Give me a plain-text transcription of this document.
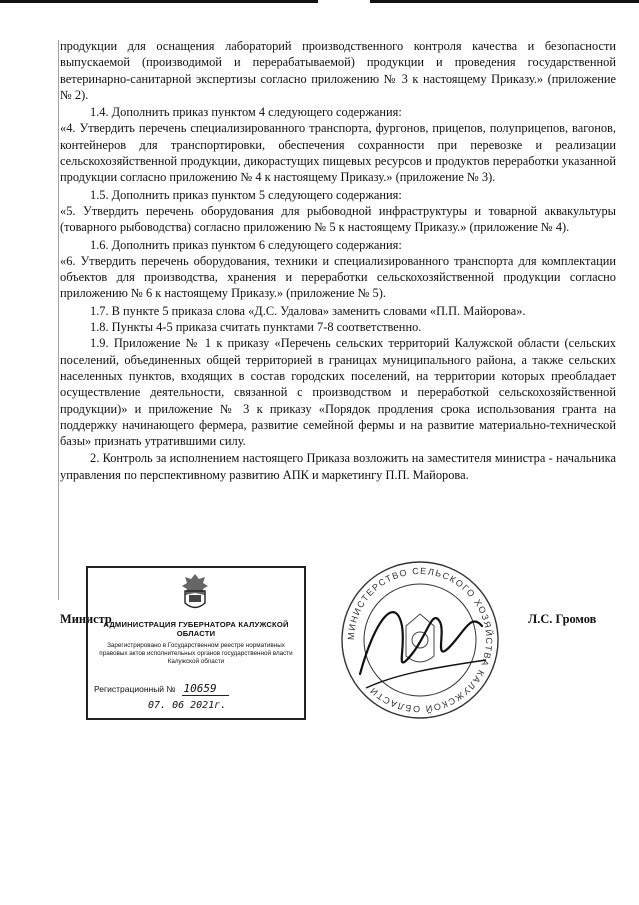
продукции для оснащения лабораторий производственного контроля качества и безопасности выпускаемой (производимой и перерабатываемой) продукции и проведения государственной ветеринарно-санитарной экспертизы согласно приложению № 3 к настоящему Приказу.» (приложение № 2).

1.4. Дополнить приказ пунктом 4 следующего содержания:

«4. Утвердить перечень специализированного транспорта, фургонов, прицепов, полуприцепов, вагонов, контейнеров для транспортировки, обеспечения сохранности при перевозке и реализации сельскохозяйственной продукции, дикорастущих пищевых ресурсов и продуктов переработки указанной продукции согласно приложению № 4 к настоящему Приказу.» (приложение № 3).

1.5. Дополнить приказ пунктом 5 следующего содержания:

«5. Утвердить перечень оборудования для рыбоводной инфраструктуры и товарной аквакультуры (товарного рыбоводства) согласно приложению № 5 к настоящему Приказу.» (приложение № 4).

1.6. Дополнить приказ пунктом 6 следующего содержания:

«6. Утвердить перечень оборудования, техники и специализированного транспорта для комплектации объектов для производства, хранения и переработки сельскохозяйственной продукции согласно приложению № 6 к настоящему Приказу.» (приложение № 5).

1.7. В пункте 5 приказа слова «Д.С. Удалова» заменить словами «П.П. Майорова».

1.8. Пункты 4-5 приказа считать пунктами 7-8 соответственно.

1.9. Приложение № 1 к приказу «Перечень сельских территорий Калужской области (сельских поселений, объединенных общей территорией в границах муниципального района, а также сельских населенных пунктов, входящих в состав городских поселений, на территории которых преобладает осуществление деятельности, связанной с производством и переработкой сельскохозяйственной продукции)» и приложение № 3 к приказу «Порядок продления срока использования гранта на поддержку начинающего фермера, развитие семейной фермы и на развитие материально-технической базы» признать утратившими силу.

2. Контроль за исполнением настоящего Приказа возложить на заместителя министра - начальника управления по перспективному развитию АПК и маркетингу П.П. Майорова.

Министр	Л.С. Громов
МИНИСТЕРСТВО СЕЛЬСКОГО ХОЗЯЙСТВА КАЛУЖСКОЙ ОБЛАСТИ
АДМИНИСТРАЦИЯ ГУБЕРНАТОРА КАЛУЖСКОЙ ОБЛАСТИ
Зарегистрировано в Государственном реестре нормативных правовых актов исполнительных органов государственной власти Калужской области
Регистрационный № 10659
07. 06 2021г.
